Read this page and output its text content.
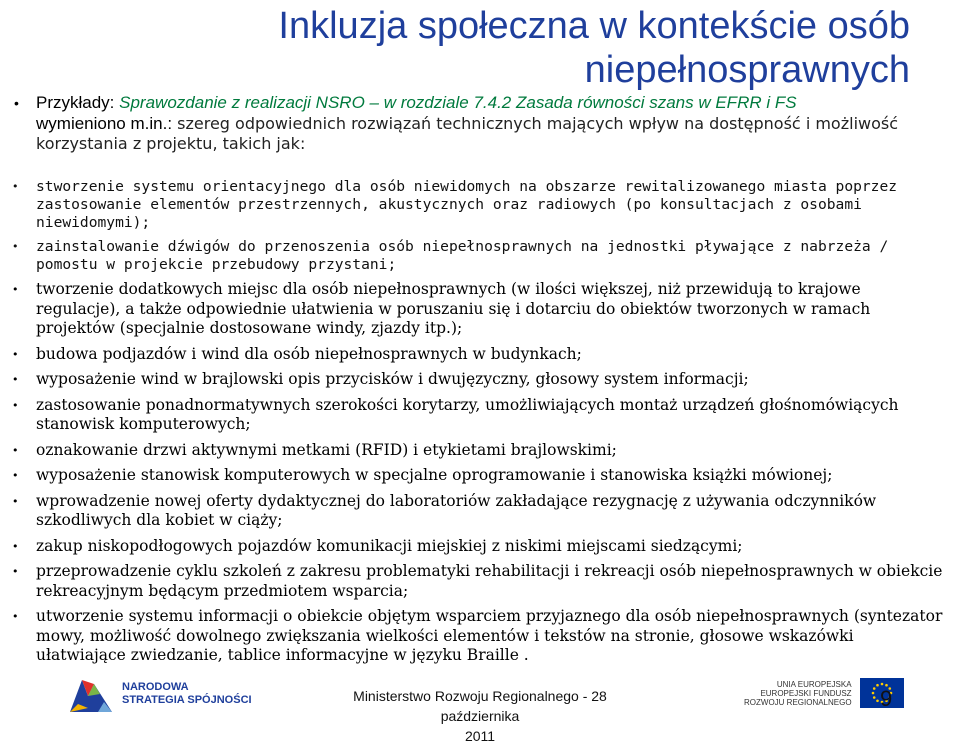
Inkluzja społeczna w kontekście osób niepełnosprawnych
•	Przykłady: Sprawozdanie z realizacji NSRO – w rozdziale 7.4.2 Zasada równości szans w EFRR i FS
wymieniono m.in.: szereg odpowiednich rozwiązań technicznych mających wpływ na dostępność i możliwość korzystania z projektu, takich jak:
• stworzenie systemu orientacyjnego dla osób niewidomych na obszarze rewitalizowanego miasta poprzez zastosowanie elementów przestrzennych, akustycznych oraz radiowych (po konsultacjach z osobami niewidomymi);
• zainstalowanie dźwigów do przenoszenia osób niepełnosprawnych na jednostki pływające z nabrzeża / pomostu w projekcie przebudowy przystani;
• tworzenie dodatkowych miejsc dla osób niepełnosprawnych (w ilości większej, niż przewidują to krajowe regulacje), a także odpowiednie ułatwienia w poruszaniu się i dotarciu do obiektów tworzonych w ramach projektów (specjalnie dostosowane windy, zjazdy itp.);
• budowa podjazdów i wind dla osób niepełnosprawnych w budynkach;
• wyposażenie wind w brajlowski opis przycisków i dwujęzyczny, głosowy system informacji;
• zastosowanie ponadnormatywnych szerokości korytarzy, umożliwiających montaż urządzeń głośnomówiących stanowisk komputerowych;
• oznakowanie drzwi aktywnymi metkami (RFID) i etykietami brajlowskimi;
• wyposażenie stanowisk komputerowych w specjalne oprogramowanie i stanowiska książki mówionej;
• wprowadzenie nowej oferty dydaktycznej do laboratoriów zakładające rezygnację z używania odczynników szkodliwych dla kobiet w ciąży;
• zakup niskopodłogowych pojazdów komunikacji miejskiej z niskimi miejscami siedzącymi;
• przeprowadzenie cyklu szkoleń z zakresu problematyki rehabilitacji i rekreacji osób niepełnosprawnych w obiekcie rekreacyjnym będącym przedmiotem wsparcia;
• utworzenie systemu informacji o obiekcie objętym wsparciem przyjaznego dla osób niepełnosprawnych (syntezator mowy, możliwość dowolnego zwiększania wielkości elementów i tekstów na stronie, głosowe wskazówki ułatwiające zwiedzanie, tablice informacyjne w języku Braille .
NARODOWA
STRATEGIA SPÓJNOŚCI	Ministerstwo Rozwoju Regionalnego - 28 października
2011
UNIA EUROPEJSKA
EUROPEJSKI FUNDUSZ
ROZWOJU REGIONALNEGO 9
